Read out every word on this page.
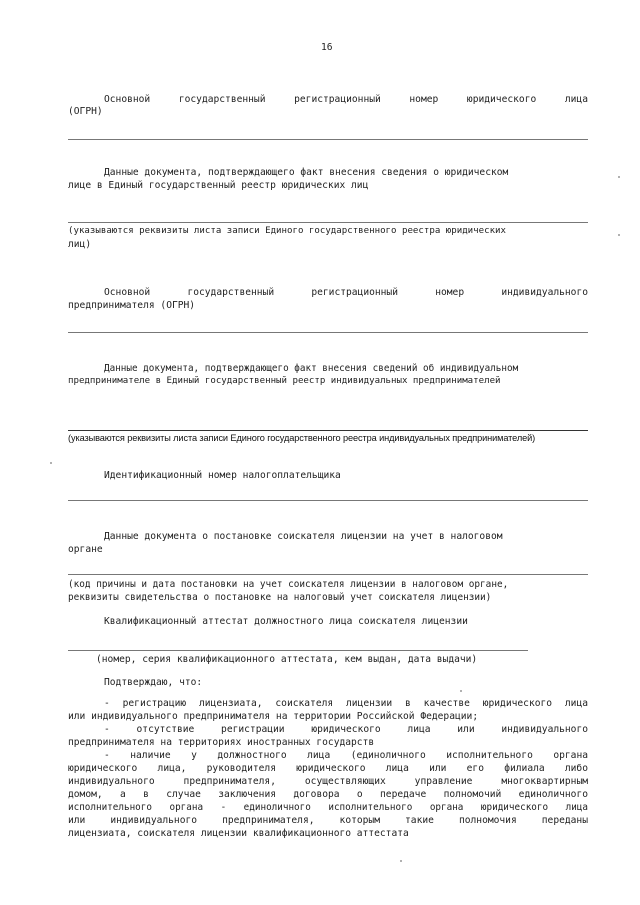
16
Основной государственный регистрационный номер юридического лица
(ОГРН)
Данные документа, подтверждающего факт внесения сведения о юридическом
лице в Единый государственный реестр юридических лиц
(указываются реквизиты листа записи Единого государственного реестра юридических
лиц)
Основной государственный регистрационный номер индивидуального
предпринимателя (ОГРН)
Данные документа, подтверждающего факт внесения сведений об индивидуальном
предпринимателе в Единый государственный реестр индивидуальных предпринимателей
(указываются реквизиты листа записи Единого государственного реестра индивидуальных предпринимателей)
Идентификационный номер налогоплательщика
Данные документа о постановке соискателя лицензии на учет в налоговом
органе
(код причины и дата постановки на учет соискателя лицензии в налоговом органе,
реквизиты свидетельства о постановке на налоговый учет соискателя лицензии)
Квалификационный аттестат должностного лица соискателя лицензии
(номер, серия квалификационного аттестата, кем выдан, дата выдачи)
Подтверждаю, что:
- регистрацию лицензиата, соискателя лицензии в качестве юридического лица
или индивидуального предпринимателя на территории Российской Федерации;
- отсутствие регистрации юридического лица или индивидуального
предпринимателя на территориях иностранных государств
- наличие у должностного лица (единоличного исполнительного органа
юридического лица, руководителя юридического лица или его филиала либо
индивидуального предпринимателя, осуществляющих управление многоквартирным
домом, а в случае заключения договора о передаче полномочий единоличного
исполнительного органа - единоличного исполнительного органа юридического лица
или индивидуального предпринимателя, которым такие полномочия переданы
лицензиата, соискателя лицензии квалификационного аттестата
